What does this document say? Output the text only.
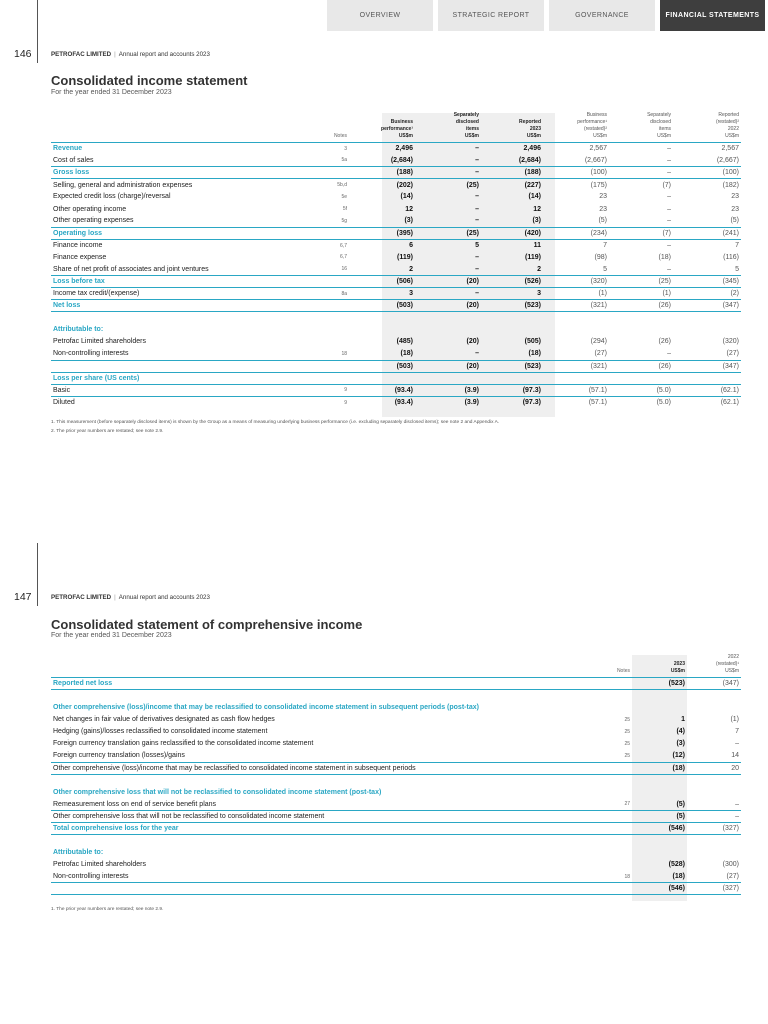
OVERVIEW	STRATEGIC REPORT	GOVERNANCE	FINANCIAL STATEMENTS
146	PETROFAC LIMITED | Annual report and accounts 2023
Consolidated income statement
For the year ended 31 December 2023
	Notes	Business
performance¹
US$m	Separately
disclosed
items
US$m	Reported
2023
US$m	Business
performance¹
(restated)²
US$m	Separately
disclosed
items
US$m	Reported
(restated)²
2022
US$m
Revenue	3	2,496	–	2,496	2,567	–	2,567
Cost of sales	5a	(2,684)	–	(2,684)	(2,667)	–	(2,667)
Gross loss		(188)	–	(188)	(100)	–	(100)
Selling, general and administration expenses	5b,d	(202)	(25)	(227)	(175)	(7)	(182)
Expected credit loss (charge)/reversal	5e	(14)	–	(14)	23	–	23
Other operating income	5f	12	–	12	23	–	23
Other operating expenses	5g	(3)	–	(3)	(5)	–	(5)
Operating loss		(395)	(25)	(420)	(234)	(7)	(241)
Finance income	6,7	6	5	11	7	–	7
Finance expense	6,7	(119)	–	(119)	(98)	(18)	(116)
Share of net profit of associates and joint ventures	16	2	–	2	5	–	5
Loss before tax		(506)	(20)	(526)	(320)	(25)	(345)
Income tax credit/(expense)	8a	3	–	3	(1)	(1)	(2)
Net loss		(503)	(20)	(523)	(321)	(26)	(347)

Attributable to:							
Petrofac Limited shareholders		(485)	(20)	(505)	(294)	(26)	(320)
Non-controlling interests	18	(18)	–	(18)	(27)	–	(27)
		(503)	(20)	(523)	(321)	(26)	(347)
Loss per share (US cents)							
Basic	9	(93.4)	(3.9)	(97.3)	(57.1)	(5.0)	(62.1)
Diluted	9	(93.4)	(3.9)	(97.3)	(57.1)	(5.0)	(62.1)
1. This measurement (before separately disclosed items) is shown by the Group as a means of measuring underlying business performance (i.e. excluding separately disclosed items); see note 2 and Appendix A.
2. The prior year numbers are restated; see note 2.9.
147	PETROFAC LIMITED | Annual report and accounts 2023
Consolidated statement of comprehensive income
For the year ended 31 December 2023
	Notes	2023
US$m	2022
(restated)¹
US$m
Reported net loss		(523)	(347)

Other comprehensive (loss)/income that may be reclassified to consolidated income statement in subsequent periods (post-tax)			
Net changes in fair value of derivatives designated as cash flow hedges	25	1	(1)
Hedging (gains)/losses reclassified to consolidated income statement	25	(4)	7
Foreign currency translation gains reclassified to the consolidated income statement	25	(3)	–
Foreign currency translation (losses)/gains	25	(12)	14
Other comprehensive (loss)/income that may be reclassified to consolidated income statement in subsequent periods		(18)	20

Other comprehensive loss that will not be reclassified to consolidated income statement (post-tax)			
Remeasurement loss on end of service benefit plans	27	(5)	–
Other comprehensive loss that will not be reclassified to consolidated income statement		(5)	–
Total comprehensive loss for the year		(546)	(327)

Attributable to:			
Petrofac Limited shareholders		(528)	(300)
Non-controlling interests	18	(18)	(27)
		(546)	(327)
1. The prior year numbers are restated; see note 2.9.
